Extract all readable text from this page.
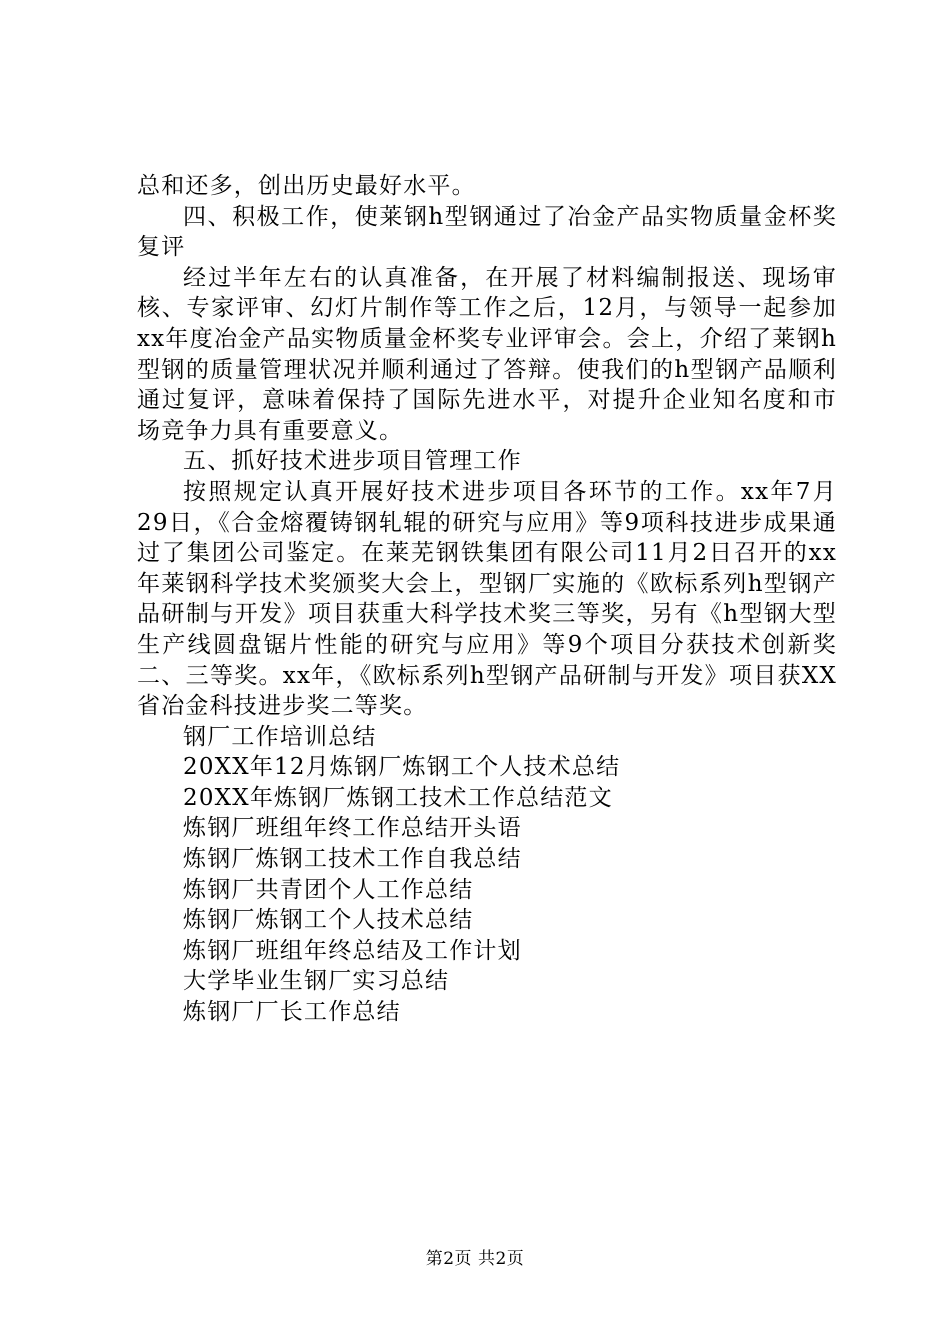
总和还多，创出历史最好水平。

四、积极工作，使莱钢h型钢通过了冶金产品实物质量金杯奖复评

经过半年左右的认真准备，在开展了材料编制报送、现场审核、专家评审、幻灯片制作等工作之后，12月，与领导一起参加xx年度冶金产品实物质量金杯奖专业评审会。会上，介绍了莱钢h型钢的质量管理状况并顺利通过了答辩。使我们的h型钢产品顺利通过复评，意味着保持了国际先进水平，对提升企业知名度和市场竞争力具有重要意义。

五、抓好技术进步项目管理工作

按照规定认真开展好技术进步项目各环节的工作。xx年7月29日，《合金熔覆铸钢轧辊的研究与应用》等9项科技进步成果通过了集团公司鉴定。在莱芜钢铁集团有限公司11月2日召开的xx年莱钢科学技术奖颁奖大会上，型钢厂实施的《欧标系列h型钢产品研制与开发》项目获重大科学技术奖三等奖，另有《h型钢大型生产线圆盘锯片性能的研究与应用》等9个项目分获技术创新奖二、三等奖。xx年，《欧标系列h型钢产品研制与开发》项目获XX省冶金科技进步奖二等奖。

钢厂工作培训总结
20XX年12月炼钢厂炼钢工个人技术总结
20XX年炼钢厂炼钢工技术工作总结范文
炼钢厂班组年终工作总结开头语
炼钢厂炼钢工技术工作自我总结
炼钢厂共青团个人工作总结
炼钢厂炼钢工个人技术总结
炼钢厂班组年终总结及工作计划
大学毕业生钢厂实习总结
炼钢厂厂长工作总结
第2页 共2页
